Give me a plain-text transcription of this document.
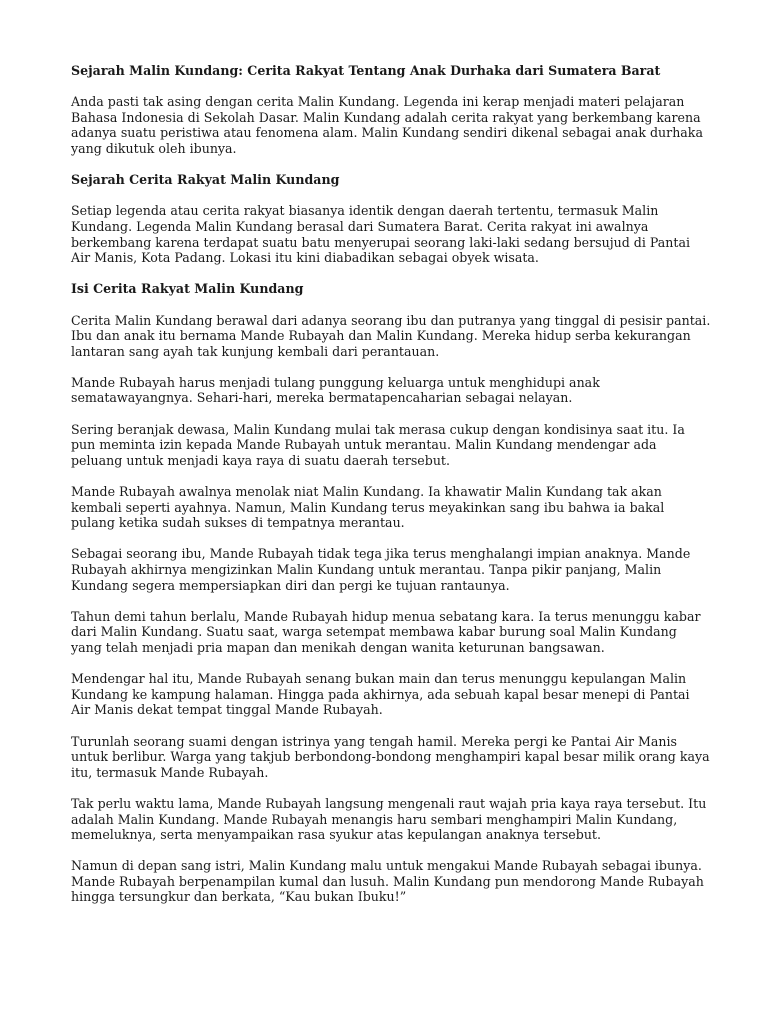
Sejarah Malin Kundang: Cerita Rakyat Tentang Anak Durhaka dari Sumatera Barat

Anda pasti tak asing dengan cerita Malin Kundang. Legenda ini kerap menjadi materi pelajaran Bahasa Indonesia di Sekolah Dasar. Malin Kundang adalah cerita rakyat yang berkembang karena adanya suatu peristiwa atau fenomena alam. Malin Kundang sendiri dikenal sebagai anak durhaka yang dikutuk oleh ibunya.

Sejarah Cerita Rakyat Malin Kundang

Setiap legenda atau cerita rakyat biasanya identik dengan daerah tertentu, termasuk Malin Kundang. Legenda Malin Kundang berasal dari Sumatera Barat. Cerita rakyat ini awalnya berkembang karena terdapat suatu batu menyerupai seorang laki-laki sedang bersujud di Pantai Air Manis, Kota Padang. Lokasi itu kini diabadikan sebagai obyek wisata.

Isi Cerita Rakyat Malin Kundang

Cerita Malin Kundang berawal dari adanya seorang ibu dan putranya yang tinggal di pesisir pantai. Ibu dan anak itu bernama Mande Rubayah dan Malin Kundang. Mereka hidup serba kekurangan lantaran sang ayah tak kunjung kembali dari perantauan.

Mande Rubayah harus menjadi tulang punggung keluarga untuk menghidupi anak sematawayangnya. Sehari-hari, mereka bermatapencaharian sebagai nelayan.

Sering beranjak dewasa, Malin Kundang mulai tak merasa cukup dengan kondisinya saat itu. Ia pun meminta izin kepada Mande Rubayah untuk merantau. Malin Kundang mendengar ada peluang untuk menjadi kaya raya di suatu daerah tersebut.

Mande Rubayah awalnya menolak niat Malin Kundang. Ia khawatir Malin Kundang tak akan kembali seperti ayahnya. Namun, Malin Kundang terus meyakinkan sang ibu bahwa ia bakal pulang ketika sudah sukses di tempatnya merantau.

Sebagai seorang ibu, Mande Rubayah tidak tega jika terus menghalangi impian anaknya. Mande Rubayah akhirnya mengizinkan Malin Kundang untuk merantau. Tanpa pikir panjang, Malin Kundang segera mempersiapkan diri dan pergi ke tujuan rantaunya.

Tahun demi tahun berlalu, Mande Rubayah hidup menua sebatang kara. Ia terus menunggu kabar dari Malin Kundang. Suatu saat, warga setempat membawa kabar burung soal Malin Kundang yang telah menjadi pria mapan dan menikah dengan wanita keturunan bangsawan.

Mendengar hal itu, Mande Rubayah senang bukan main dan terus menunggu kepulangan Malin Kundang ke kampung halaman. Hingga pada akhirnya, ada sebuah kapal besar menepi di Pantai Air Manis dekat tempat tinggal Mande Rubayah.

Turunlah seorang suami dengan istrinya yang tengah hamil. Mereka pergi ke Pantai Air Manis untuk berlibur. Warga yang takjub berbondong-bondong menghampiri kapal besar milik orang kaya itu, termasuk Mande Rubayah.

Tak perlu waktu lama, Mande Rubayah langsung mengenali raut wajah pria kaya raya tersebut. Itu adalah Malin Kundang. Mande Rubayah menangis haru sembari menghampiri Malin Kundang, memeluknya, serta menyampaikan rasa syukur atas kepulangan anaknya tersebut.

Namun di depan sang istri, Malin Kundang malu untuk mengakui Mande Rubayah sebagai ibunya. Mande Rubayah berpenampilan kumal dan lusuh. Malin Kundang pun mendorong Mande Rubayah hingga tersungkur dan berkata, “Kau bukan Ibuku!”
